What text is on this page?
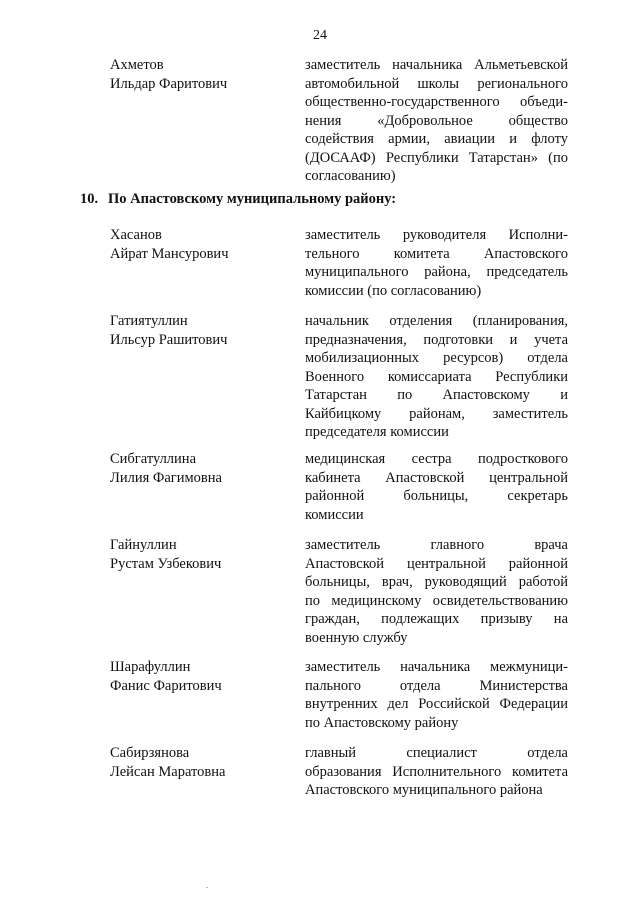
24
Ахметов
Ильдар Фаритович
заместитель начальника Альметьевской
автомобильной школы регионального
общественно-государственного объеди-
нения «Добровольное общество
содействия армии, авиации и флоту
(ДОСААФ) Республики Татарстан» (по
согласованию)
10. По Апастовскому муниципальному району:
Хасанов
Айрат Мансурович
заместитель руководителя Исполни-
тельного комитета Апастовского
муниципального района, председатель
комиссии (по согласованию)
Гатиятуллин
Ильсур Рашитович
начальник отделения (планирования,
предназначения, подготовки и учета
мобилизационных ресурсов) отдела
Военного комиссариата Республики
Татарстан по Апастовскому и
Кайбицкому районам, заместитель
председателя комиссии
Сибгатуллина
Лилия Фагимовна
медицинская сестра подросткового
кабинета Апастовской центральной
районной больницы, секретарь
комиссии
Гайнуллин
Рустам Узбекович
заместитель главного врача
Апастовской центральной районной
больницы, врач, руководящий работой
по медицинскому освидетельствованию
граждан, подлежащих призыву на
военную службу
Шарафуллин
Фанис Фаритович
заместитель начальника межмуници-
пального отдела Министерства
внутренних дел Российской Федерации
по Апастовскому району
Сабирзянова
Лейсан Маратовна
главный специалист отдела
образования Исполнительного комитета
Апастовского муниципального района
